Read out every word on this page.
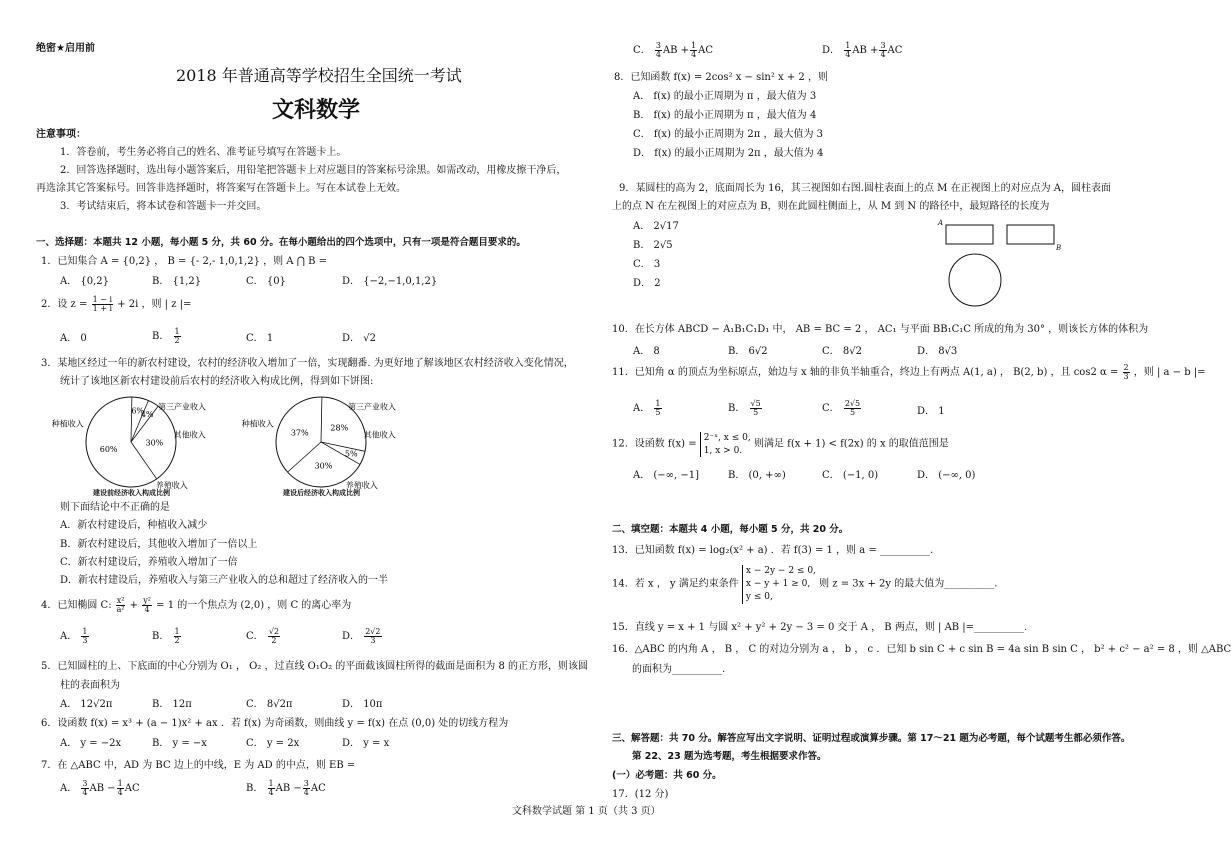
绝密★启用前
2018 年普通高等学校招生全国统一考试
文科数学
注意事项：
1．答卷前，考生务必将自己的姓名、准考证号填写在答题卡上。
2．回答选择题时，选出每小题答案后，用铅笔把答题卡上对应题目的答案标号涂黑。如需改动，用橡皮擦干净后，
再选涂其它答案标号。回答非选择题时，将答案写在答题卡上。写在本试卷上无效。
3．考试结束后，将本试卷和答题卡一并交回。
一、选择题：本题共 12 小题，每小题 5 分，共 60 分。在每小题给出的四个选项中，只有一项是符合题目要求的。
1．已知集合 A = {0,2} ， B = {- 2,- 1,0,1,2} ，则 A ⋂ B =
A． {0,2}	B． {1,2}	C． {0}	D． {−2,−1,0,1,2}
2．设 $z = \frac{1 - i}{1 + i} + 2i$ ，则 | z |=
A． 0	B． $\frac{1}{2}$	C． 1	D． √2
3．某地区经过一年的新农村建设，农村的经济收入增加了一倍，实现翻番. 为更好地了解该地区农村经济收入变化情况，
统计了该地区新农村建设前后农村的经济收入构成比例，得到如下饼图:
6% 第三产业收入
4%
其他收入
30%
养殖收入
60%
种植收入
建设前经济收入构成比例
28%
第三产业收入
5%
其他收入
30%
养殖收入
37%
种植收入
建设后经济收入构成比例
则下面结论中不正确的是
A．新农村建设后，种植收入减少
B．新农村建设后，其他收入增加了一倍以上
C．新农村建设后，养殖收入增加了一倍
D．新农村建设后，养殖收入与第三产业收入的总和超过了经济收入的一半
4．已知椭圆 C: $\frac{\text{x²}}{\text{a²}} + \frac{\text{y²}}{4} = 1$ 的一个焦点为 (2,0) ，则 C 的离心率为
A． $\frac{1}{3}$	B． $\frac{1}{2}$	C． $\frac{√2}{2}$	D． $\frac{2√2}{3}$
5．已知圆柱的上、下底面的中心分别为 O₁ ， O₂ ，过直线 O₁O₂ 的平面截该圆柱所得的截面是面积为 8 的正方形，则该圆
柱的表面积为
A． 12√2π	B． 12π	C． 8√2π	D． 10π
6．设函数 f(x) = x³ + (a − 1)x² + ax ．若 f(x) 为奇函数，则曲线 y = f(x) 在点 (0,0) 处的切线方程为
A． y = −2x	B． y = −x	C． y = 2x	D． y = x
7．在 △ABC 中，AD 为 BC 边上的中线，E 为 AD 的中点，则 EB =
A． $\frac{3}{4}$ AB − $\frac{1}{4}$ AC	B． $\frac{1}{4}$ AB − $\frac{3}{4}$ AC
C． $\frac{3}{4}$ AB + $\frac{1}{4}$ AC	D． $\frac{1}{4}$ AB + $\frac{3}{4}$ AC
8．已知函数 f(x) = 2cos² x − sin² x + 2 ，则
A． f(x) 的最小正周期为 π ，最大值为 3
B． f(x) 的最小正周期为 π ，最大值为 4
C． f(x) 的最小正周期为 2π ，最大值为 3
D． f(x) 的最小正周期为 2π ，最大值为 4
9．某圆柱的高为 2，底面周长为 16，其三视图如右图.圆柱表面上的点 M 在正视图上的对应点为 A，圆柱表面
上的点 N 在左视图上的对应点为 B，则在此圆柱侧面上，从 M 到 N 的路径中，最短路径的长度为
A． 2√17
B． 2√5
C． 3
D． 2
A
B
10．在长方体 ABCD − A₁B₁C₁D₁ 中， AB = BC = 2 ， AC₁ 与平面 BB₁C₁C 所成的角为 30° ，则该长方体的体积为
A． 8	B． 6√2	C． 8√2	D． 8√3
11．已知角 α 的顶点为坐标原点，始边与 x 轴的非负半轴重合，终边上有两点 A(1, a) ， B(2, b) ，且 cos2 $\alpha = \frac{2}{3}$ ，则 | a − b |=
A． $\frac{1}{5}$	B． $\frac{√5}{5}$	C． $\frac{2√5}{5}$	D． 1
12．设函数 f(x) =
2⁻ˣ, x ≤ 0,
1, x > 0.
则满足 f(x + 1) < f(2x) 的 x 的取值范围是
A． (−∞, −1]	B． (0, +∞)	C． (−1, 0)	D． (−∞, 0)
二、填空题：本题共 4 小题，每小题 5 分，共 20 分。
13．已知函数 f(x) = log₂(x² + a) ．若 f(3) = 1 ，则 a = __________.
14．若 x ， y 满足约束条件
x − 2y − 2 ≤ 0,
x − y + 1 ≥ 0,
y ≤ 0,
则 z = 3x + 2y 的最大值为__________.
15．直线 y = x + 1 与圆 x² + y² + 2y − 3 = 0 交于 A ， B 两点，则 | AB |=__________.
16．△ABC 的内角 A ， B ， C 的对边分别为 a ， b ， c ．已知 b sin C + c sin B = 4a sin B sin C ， b² + c² − a² = 8 ，则 △ABC
的面积为__________.
三、解答题：共 70 分。解答应写出文字说明、证明过程或演算步骤。第 17～21 题为必考题，每个试题考生都必须作答。
第 22、23 题为选考题，考生根据要求作答。
(一）必考题：共 60 分。
17．(12 分)
文科数学试题 第 1 页（共 3 页）
